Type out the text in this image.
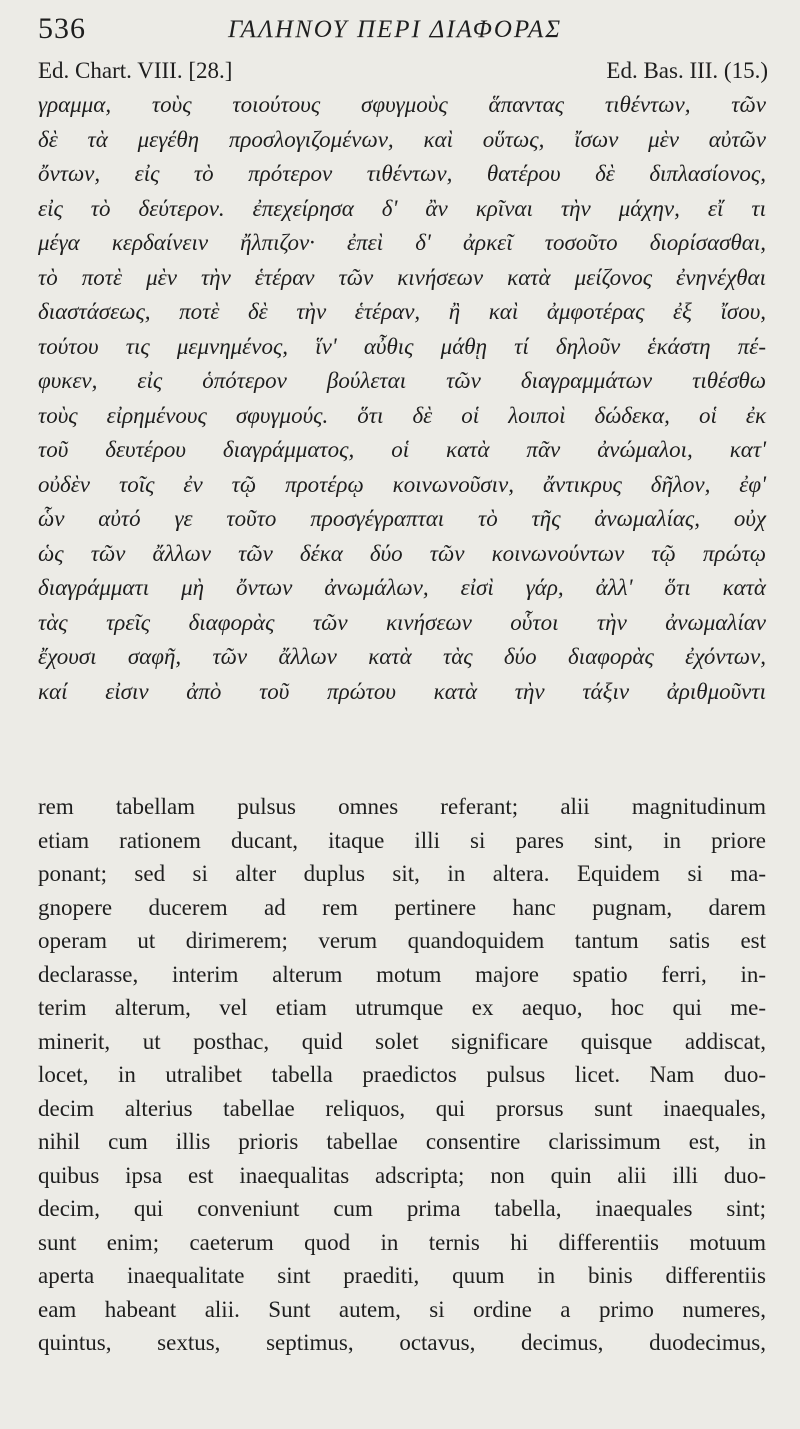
536	ΓΑΛΗΝΟΥ ΠΕΡΙ ΔΙΑΦΟΡΑΣ
Ed. Chart. VIII. [28.]	Ed. Bas. III. (15.)
γραμμα, τοὺς τοιούτους σφυγμοὺς ἅπαντας τιθέντων, τῶν
δὲ τὰ μεγέθη προσλογιζομένων, καὶ οὕτως, ἴσων μὲν αὐτῶν
ὄντων, εἰς τὸ πρότερον τιθέντων, θατέρου δὲ διπλασίονος,
εἰς τὸ δεύτερον. ἐπεχείρησα δ' ἂν κρῖναι τὴν μάχην, εἴ τι
μέγα κερδαίνειν ἤλπιζον· ἐπεὶ δ' ἀρκεῖ τοσοῦτο διορίσασθαι,
τὸ ποτὲ μὲν τὴν ἑτέραν τῶν κινήσεων κατὰ μείζονος ἐνηνέχθαι
διαστάσεως, ποτὲ δὲ τὴν ἑτέραν, ἢ καὶ ἀμφοτέρας ἐξ ἴσου,
τούτου τις μεμνημένος, ἵν' αὖθις μάθῃ τί δηλοῦν ἑκάστη πέ-
φυκεν, εἰς ὁπότερον βούλεται τῶν διαγραμμάτων τιθέσθω
τοὺς εἰρημένους σφυγμούς. ὅτι δὲ οἱ λοιποὶ δώδεκα, οἱ ἐκ
τοῦ δευτέρου διαγράμματος, οἱ κατὰ πᾶν ἀνώμαλοι, κατ'
οὐδὲν τοῖς ἐν τῷ προτέρῳ κοινωνοῦσιν, ἄντικρυς δῆλον, ἐφ'
ὧν αὐτό γε τοῦτο προσγέγραπται τὸ τῆς ἀνωμαλίας, οὐχ
ὡς τῶν ἄλλων τῶν δέκα δύο τῶν κοινωνούντων τῷ πρώτῳ
διαγράμματι μὴ ὄντων ἀνωμάλων, εἰσὶ γάρ, ἀλλ' ὅτι κατὰ
τὰς τρεῖς διαφορὰς τῶν κινήσεων οὗτοι τὴν ἀνωμαλίαν
ἔχουσι σαφῆ, τῶν ἄλλων κατὰ τὰς δύο διαφορὰς ἐχόντων,
καί εἰσιν ἀπὸ τοῦ πρώτου κατὰ τὴν τάξιν ἀριθμοῦντι
rem tabellam pulsus omnes referant; alii magnitudinum
etiam rationem ducant, itaque illi si pares sint, in priore
ponant; sed si alter duplus sit, in altera. Equidem si ma-
gnopere ducerem ad rem pertinere hanc pugnam, darem
operam ut dirimerem; verum quandoquidem tantum satis est
declarasse, interim alterum motum majore spatio ferri, in-
terim alterum, vel etiam utrumque ex aequo, hoc qui me-
minerit, ut posthac, quid solet significare quisque addiscat,
locet, in utralibet tabella praedictos pulsus licet. Nam duo-
decim alterius tabellae reliquos, qui prorsus sunt inaequales,
nihil cum illis prioris tabellae consentire clarissimum est, in
quibus ipsa est inaequalitas adscripta; non quin alii illi duo-
decim, qui conveniunt cum prima tabella, inaequales sint;
sunt enim; caeterum quod in ternis hi differentiis motuum
aperta inaequalitate sint praediti, quum in binis differentiis
eam habeant alii. Sunt autem, si ordine a primo numeres,
quintus, sextus, septimus, octavus, decimus, duodecimus,
